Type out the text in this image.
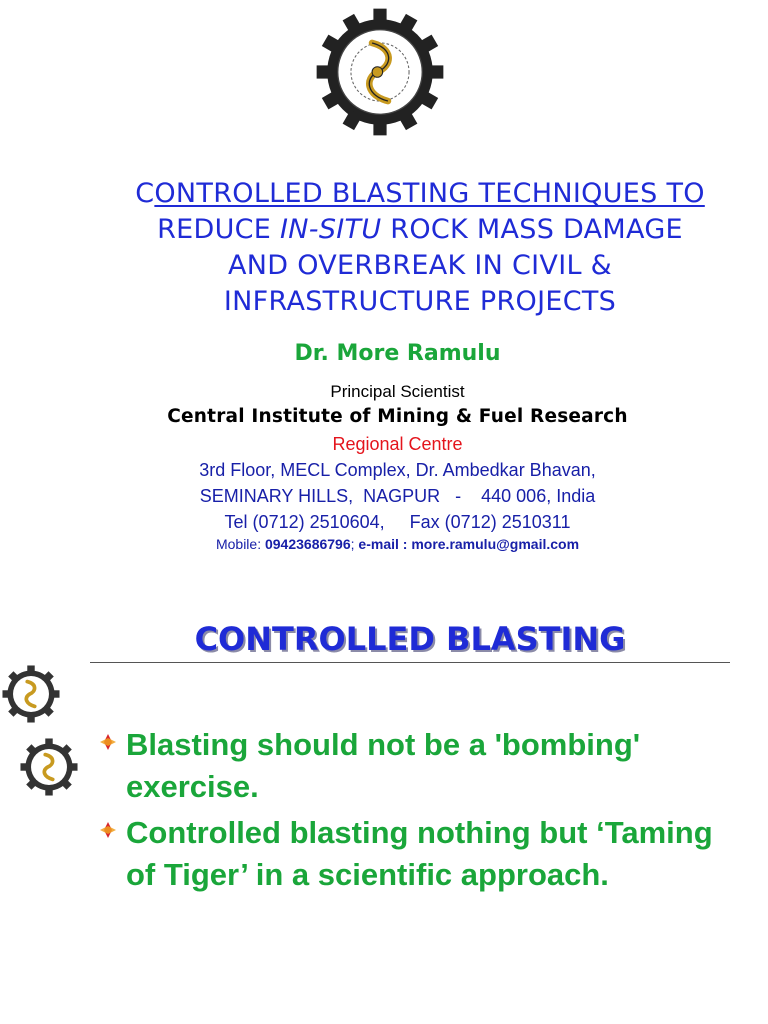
CONTROLLED BLASTING TECHNIQUES TO
REDUCE IN-SITU ROCK MASS DAMAGE
AND OVERBREAK IN CIVIL &
INFRASTRUCTURE PROJECTS
Dr. More Ramulu
Principal Scientist
Central Institute of Mining & Fuel Research
Regional Centre
3rd Floor, MECL Complex, Dr. Ambedkar Bhavan,
SEMINARY HILLS,  NAGPUR   -    440 006, India
Tel (0712) 2510604,     Fax (0712) 2510311
Mobile: 09423686796; e-mail : more.ramulu@gmail.com
CONTROLLED BLASTING
Blasting should not be a 'bombing' exercise.
Controlled blasting nothing but ‘Taming of Tiger’ in a scientific approach.
